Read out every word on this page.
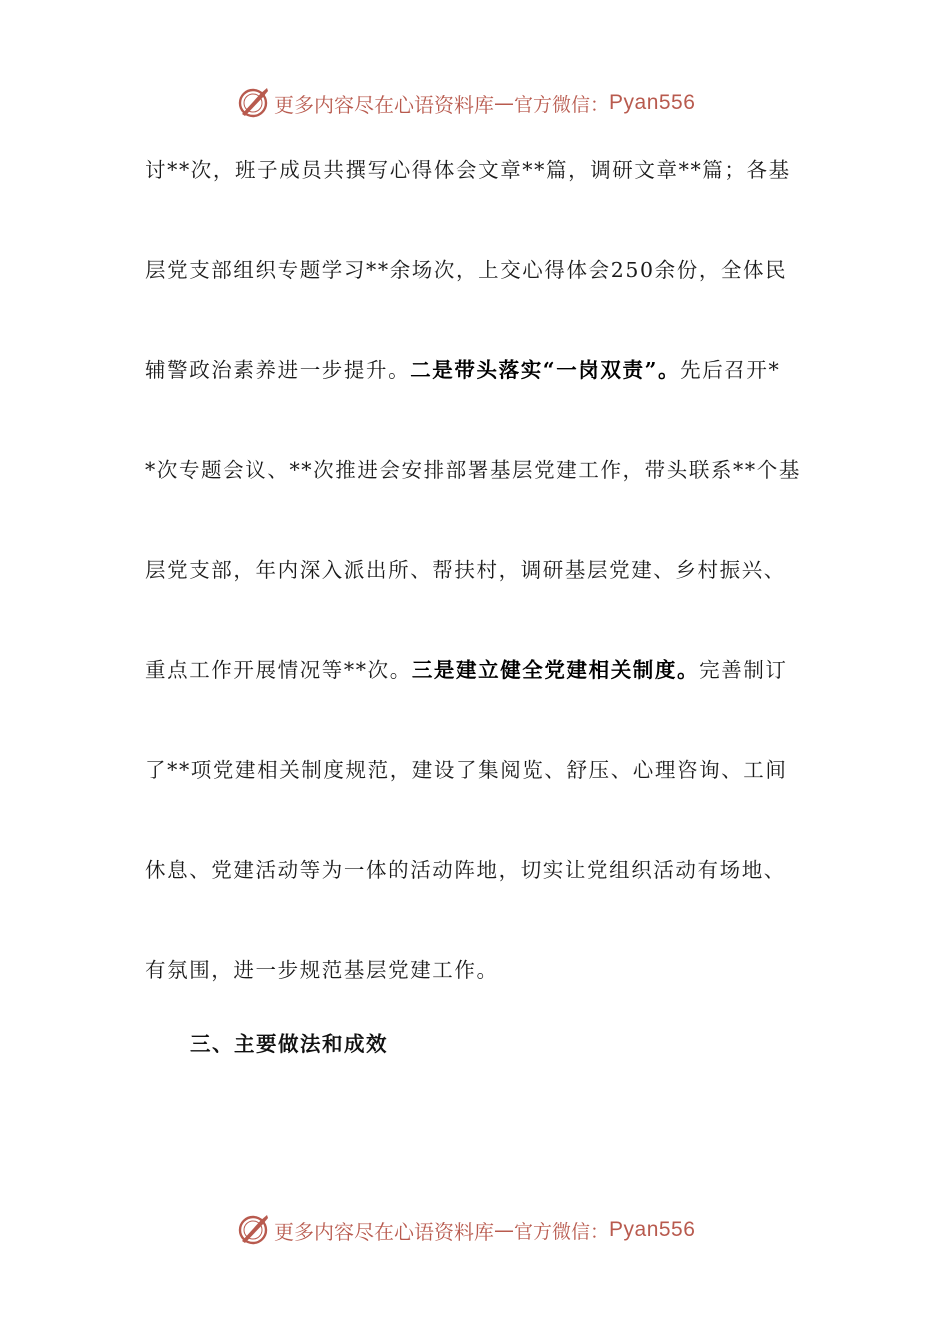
更多内容尽在心语资料库 — 官方微信： Pyan556
讨**次，班子成员共撰写心得体会文章**篇，调研文章**篇；各基
层党支部组织专题学习**余场次，上交心得体会250余份，全体民
辅警政治素养进一步提升。二是带头落实“一岗双责”。先后召开*
*次专题会议、**次推进会安排部署基层党建工作，带头联系**个基
层党支部，年内深入派出所、帮扶村，调研基层党建、乡村振兴、
重点工作开展情况等**次。三是建立健全党建相关制度。完善制订
了**项党建相关制度规范，建设了集阅览、舒压、心理咨询、工间
休息、党建活动等为一体的活动阵地，切实让党组织活动有场地、
有氛围，进一步规范基层党建工作。
三、主要做法和成效
更多内容尽在心语资料库 — 官方微信： Pyan556
